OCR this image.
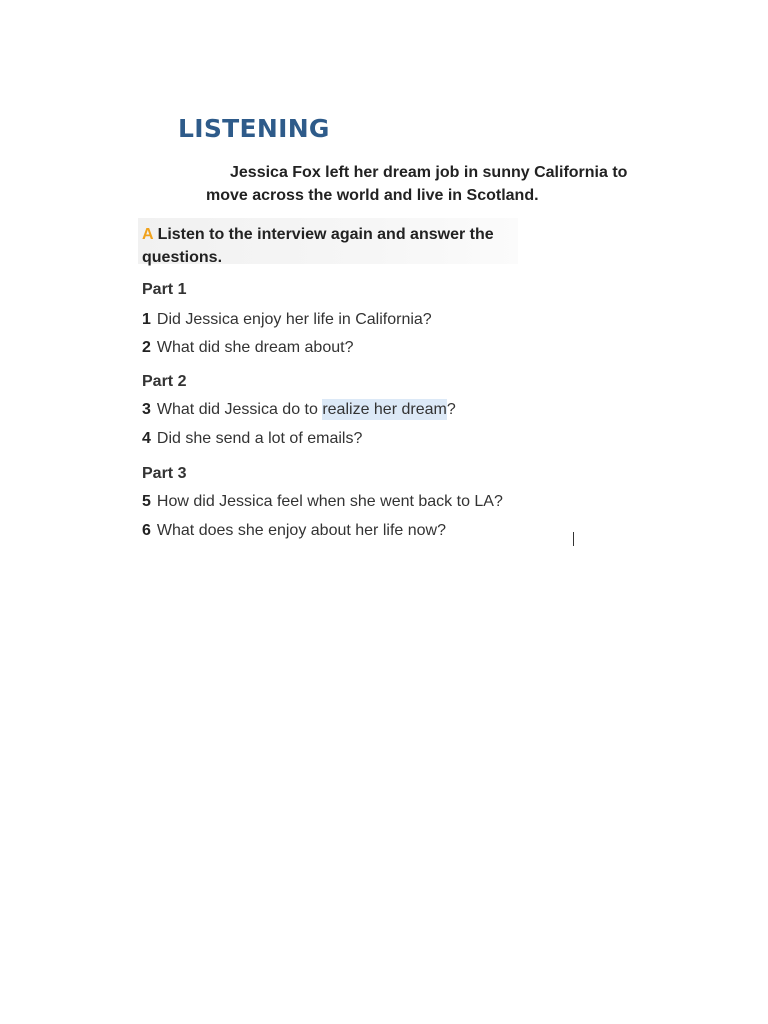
LISTENING
Jessica Fox left her dream job in sunny California to
move across the world and live in Scotland.
A Listen to the interview again and answer the questions.
Part 1
1 Did Jessica enjoy her life in California?
2 What did she dream about?
Part 2
3 What did Jessica do to realize her dream?
4 Did she send a lot of emails?
Part 3
5 How did Jessica feel when she went back to LA?
6 What does she enjoy about her life now?
